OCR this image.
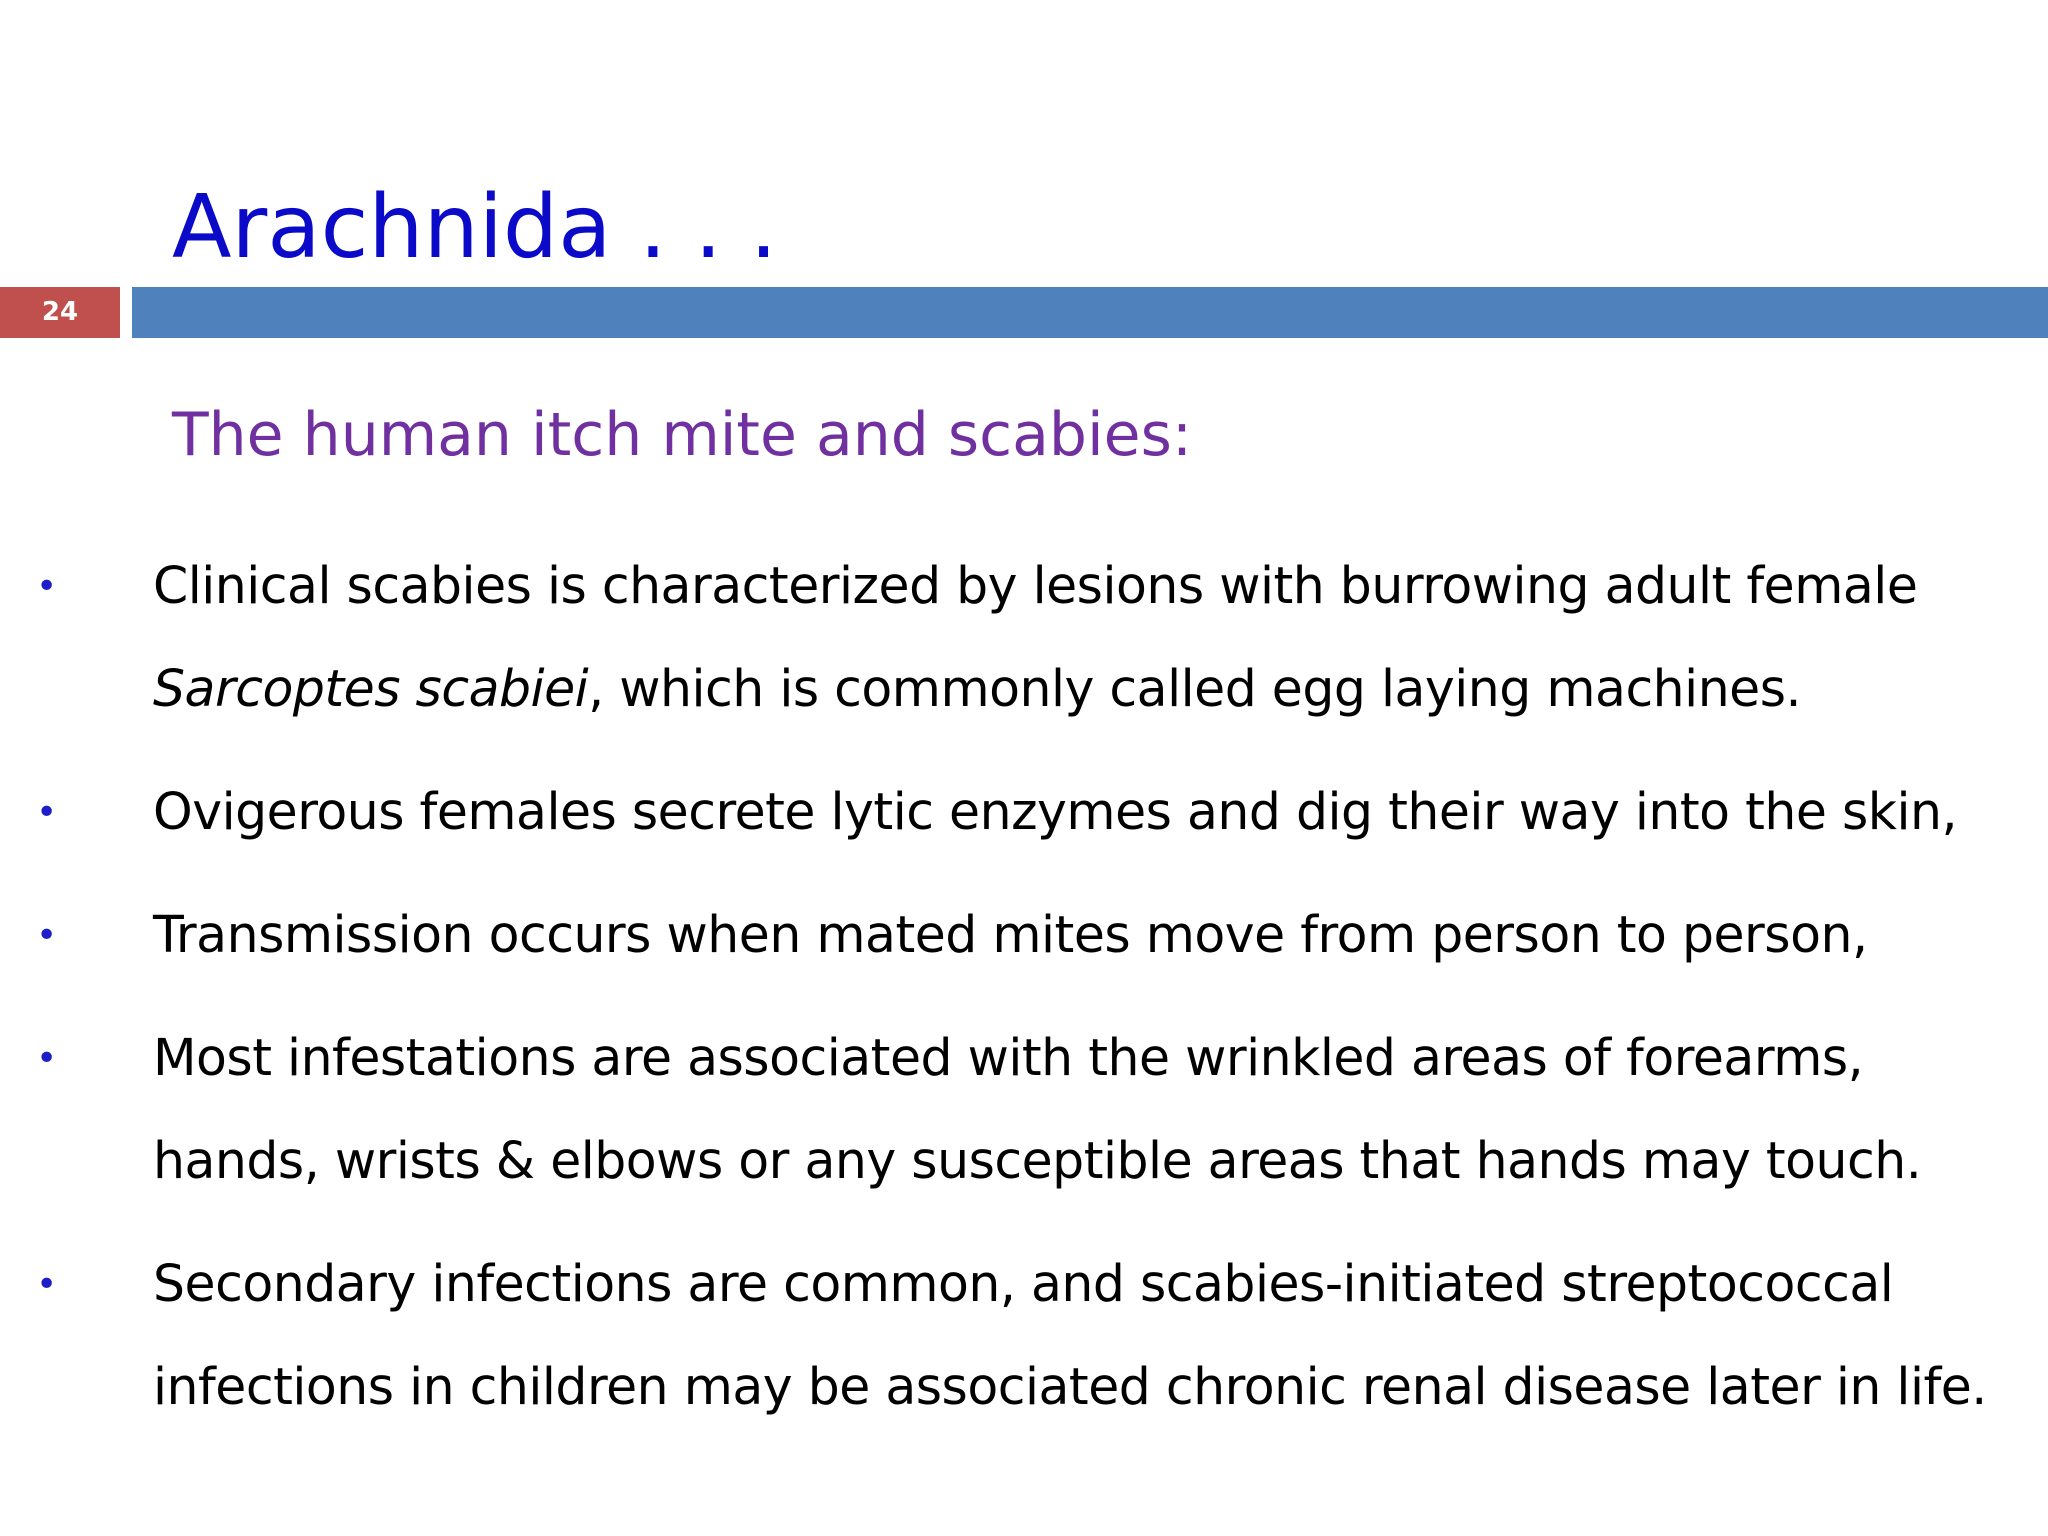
Arachnida . . .
24
The human itch mite and scabies:
• Clinical scabies is characterized by lesions with burrowing adult female
Sarcoptes scabiei, which is commonly called egg laying machines.
• Ovigerous females secrete lytic enzymes and dig their way into the skin,
• Transmission occurs when mated mites move from person to person,
• Most infestations are associated with the wrinkled areas of forearms,
hands, wrists & elbows or any susceptible areas that hands may touch.
• Secondary infections are common, and scabies-initiated streptococcal
infections in children may be associated chronic renal disease later in life.
